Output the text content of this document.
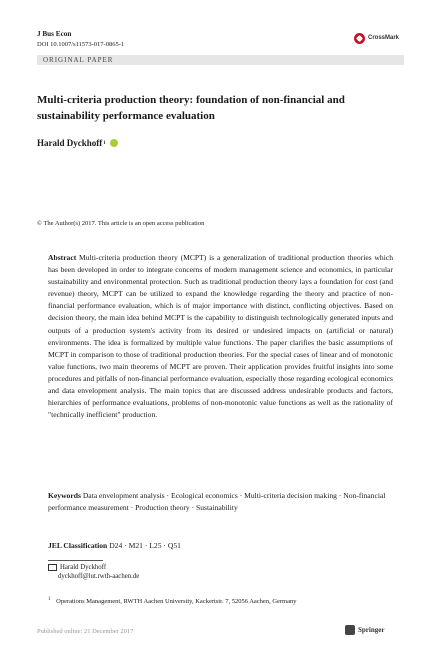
J Bus Econ
DOI 10.1007/s11573-017-0865-1
CrossMark
ORIGINAL PAPER
Multi-criteria production theory: foundation of non-financial and sustainability performance evaluation
Harald Dyckhoff 1
© The Author(s) 2017. This article is an open access publication
Abstract Multi-criteria production theory (MCPT) is a generalization of traditional production theories which has been developed in order to integrate concerns of modern management science and economics, in particular sustainability and environmental protection. Such as traditional production theory lays a foundation for cost (and revenue) theory, MCPT can be utilized to expand the knowledge regarding the theory and practice of non-financial performance evaluation, which is of major importance with distinct, conflicting objectives. Based on decision theory, the main idea behind MCPT is the capability to distinguish technologically generated inputs and outputs of a production system's activity from its desired or undesired impacts on (artificial or natural) environments. The idea is formalized by multiple value functions. The paper clarifies the basic assumptions of MCPT in comparison to those of traditional production theories. For the special cases of linear and of monotonic value functions, two main theorems of MCPT are proven. Their application provides fruitful insights into some procedures and pitfalls of non-financial performance evaluation, especially those regarding ecological economics and data envelopment analysis. The main topics that are discussed address undesirable products and factors, hierarchies of performance evaluations, problems of non-monotonic value functions as well as the rationality of "technically inefficient" production.
Keywords Data envelopment analysis · Ecological economics · Multi-criteria decision making · Non-financial performance measurement · Production theory · Sustainability
JEL Classification D24 · M21 · L25 · Q51
Harald Dyckhoff
dyckhoff@lut.rwth-aachen.de
$^1$ Operations Management, RWTH Aachen University, Kackertstr. 7, 52056 Aachen, Germany
Published online: 21 December 2017	Springer
